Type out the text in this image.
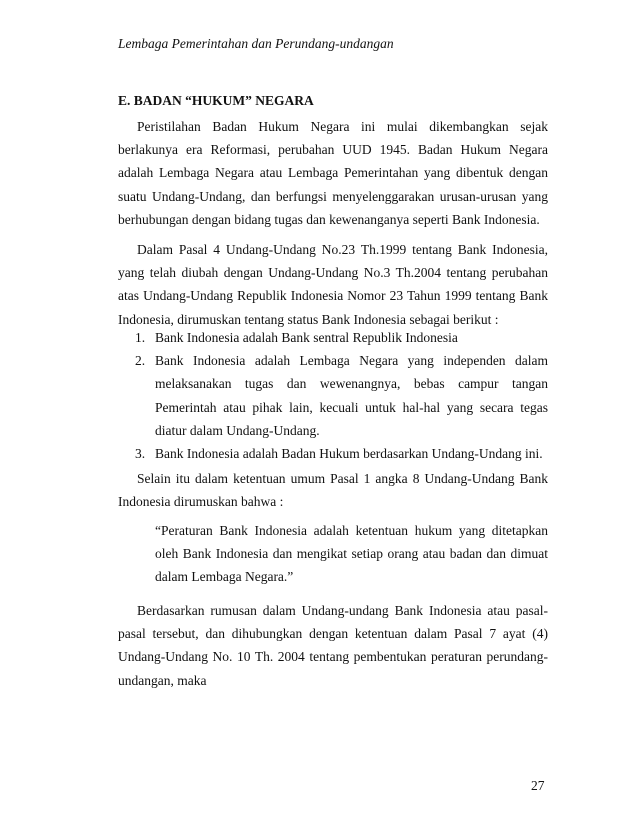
Lembaga Pemerintahan dan Perundang-undangan
E. BADAN “HUKUM” NEGARA

Peristilahan Badan Hukum Negara ini mulai dikembangkan sejak berlakunya era Reformasi, perubahan UUD 1945. Badan Hukum Negara adalah Lembaga Negara atau Lembaga Pemerintahan yang dibentuk dengan suatu Undang-Undang, dan berfungsi menyelenggarakan urusan-urusan yang berhubungan dengan bidang tugas dan kewenanganya seperti Bank Indonesia.

Dalam Pasal 4 Undang-Undang No.23 Th.1999 tentang Bank Indonesia, yang telah diubah dengan Undang-Undang No.3 Th.2004 tentang perubahan atas Undang-Undang Republik Indonesia Nomor 23 Tahun 1999 tentang Bank Indonesia, dirumuskan tentang status Bank Indonesia sebagai berikut :

1. Bank Indonesia adalah Bank sentral Republik Indonesia
2. Bank Indonesia adalah Lembaga Negara yang independen dalam melaksanakan tugas dan wewenangnya, bebas campur tangan Pemerintah atau pihak lain, kecuali untuk hal-hal yang secara tegas diatur dalam Undang-Undang.
3. Bank Indonesia adalah Badan Hukum berdasarkan Undang-Undang ini.

Selain itu dalam ketentuan umum Pasal 1 angka 8 Undang-Undang Bank Indonesia dirumuskan bahwa :

“Peraturan Bank Indonesia adalah ketentuan hukum yang ditetapkan oleh Bank Indonesia dan mengikat setiap orang atau badan dan dimuat dalam Lembaga Negara.”

Berdasarkan rumusan dalam Undang-undang Bank Indonesia atau pasal-pasal tersebut, dan dihubungkan dengan ketentuan dalam Pasal 7 ayat (4) Undang-Undang No. 10 Th. 2004 tentang pembentukan peraturan perundang-undangan, maka

27
